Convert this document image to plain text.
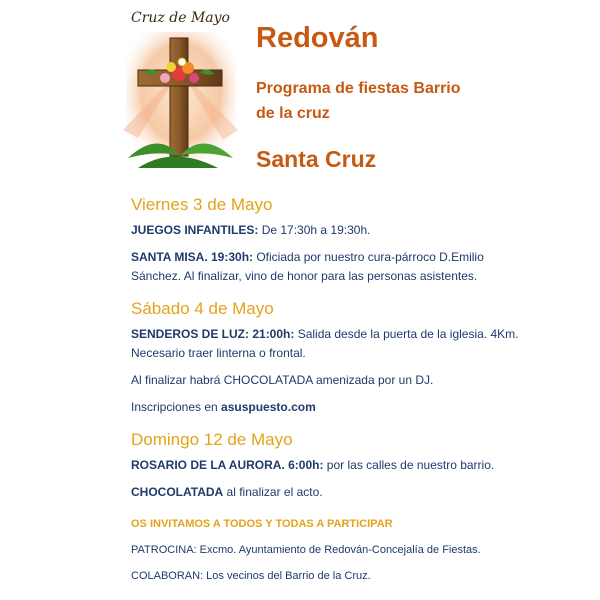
Cruz de Mayo
Redován
Programa de fiestas Barrio
de la cruz
Santa Cruz
Viernes 3 de Mayo

JUEGOS INFANTILES: De 17:30h a 19:30h.

SANTA MISA. 19:30h: Oficiada por nuestro cura-párroco D.Emilio Sánchez. Al finalizar, vino de honor para las personas asistentes.

Sábado 4 de Mayo

SENDEROS DE LUZ: 21:00h: Salida desde la puerta de la iglesia. 4Km. Necesario traer linterna o frontal.

Al finalizar habrá CHOCOLATADA amenizada por un DJ.

Inscripciones en asuspuesto.com

Domingo 12 de Mayo

ROSARIO DE LA AURORA. 6:00h: por las calles de nuestro barrio.

CHOCOLATADA al finalizar el acto.

OS INVITAMOS A TODOS Y TODAS A PARTICIPAR

PATROCINA: Excmo. Ayuntamiento de Redován-Concejalía de Fiestas.

COLABORAN: Los vecinos del Barrio de la Cruz.
